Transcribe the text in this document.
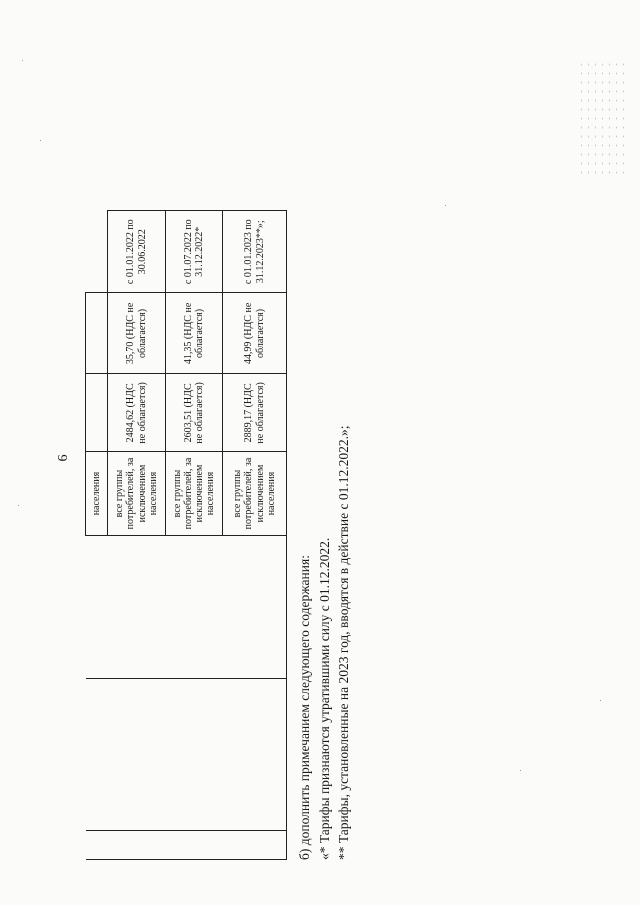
6
			населения			
			все группы потребителей, за исключением населения	2484,62 (НДС не облагается)	35,70 (НДС не облагается)	с 01.01.2022 по 30.06.2022
			все группы потребителей, за исключением населения	2603,51 (НДС не облагается)	41,35 (НДС не облагается)	с 01.07.2022 по 31.12.2022*
			все группы потребителей, за исключением населения	2889,17 (НДС не облагается)	44,99 (НДС не облагается)	с 01.01.2023 по 31.12.2023**»;

б) дополнить примечанием следующего содержания: «* Тарифы признаются утратившими силу с 01.12.2022. ** Тарифы, установленные на 2023 год, вводятся в действие с 01.12.2022.»;
